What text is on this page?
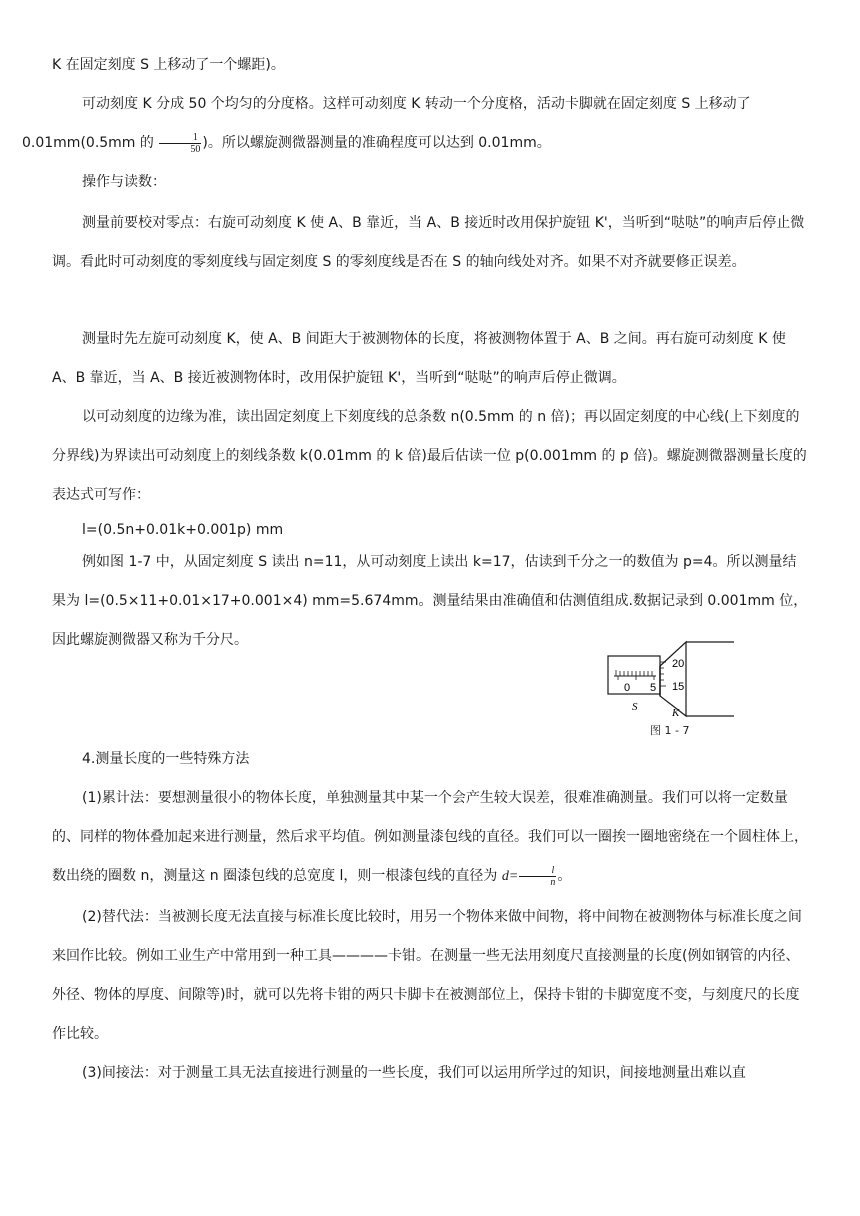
K 在固定刻度 S 上移动了一个螺距)。

可动刻度 K 分成 50 个均匀的分度格。这样可动刻度 K 转动一个分度格，活动卡脚就在固定刻度 S 上移动了
0.01mm(0.5mm 的 $\frac{1}{50}$ )。所以螺旋测微器测量的准确程度可以达到 0.01mm。

操作与读数：

测量前要校对零点：右旋可动刻度 K 使 A、B 靠近，当 A、B 接近时改用保护旋钮 K'，当听到“哒哒”的响声后停止微调。看此时可动刻度的零刻度线与固定刻度 S 的零刻度线是否在 S 的轴向线处对齐。如果不对齐就要修正误差。

测量时先左旋可动刻度 K，使 A、B 间距大于被测物体的长度，将被测物体置于 A、B 之间。再右旋可动刻度 K 使 A、B 靠近，当 A、B 接近被测物体时，改用保护旋钮 K'，当听到“哒哒”的响声后停止微调。

以可动刻度的边缘为准，读出固定刻度上下刻度线的总条数 n(0.5mm 的 n 倍)；再以固定刻度的中心线(上下刻度的分界线)为界读出可动刻度上的刻线条数 k(0.01mm 的 k 倍)最后估读一位 p(0.001mm 的 p 倍)。螺旋测微器测量长度的表达式可写作：

l=(0.5n+0.01k+0.001p) mm

例如图 1-7 中，从固定刻度 S 读出 n=11，从可动刻度上读出 k=17，估读到千分之一的数值为 p=4。所以测量结果为 l=(0.5×11+0.01×17+0.001×4) mm=5.674mm。测量结果由准确值和估测值组成.数据记录到 0.001mm 位，因此螺旋测微器又称为千分尺。

20
15
0 5
S	K
图 1 - 7

4.测量长度的一些特殊方法

(1)累计法：要想测量很小的物体长度，单独测量其中某一个会产生较大误差，很难准确测量。我们可以将一定数量的、同样的物体叠加起来进行测量，然后求平均值。例如测量漆包线的直径。我们可以一圈挨一圈地密绕在一个圆柱体上，数出绕的圈数 n，测量这 n 圈漆包线的总宽度 l，则一根漆包线的直径为 $d= \frac{l}{n}$ 。

(2)替代法：当被测长度无法直接与标准长度比较时，用另一个物体来做中间物，将中间物在被测物体与标准长度之间来回作比较。例如工业生产中常用到一种工具————卡钳。在测量一些无法用刻度尺直接测量的长度(例如钢管的内径、外径、物体的厚度、间隙等)时，就可以先将卡钳的两只卡脚卡在被测部位上，保持卡钳的卡脚宽度不变，与刻度尺的长度作比较。

(3)间接法：对于测量工具无法直接进行测量的一些长度，我们可以运用所学过的知识，间接地测量出难以直
